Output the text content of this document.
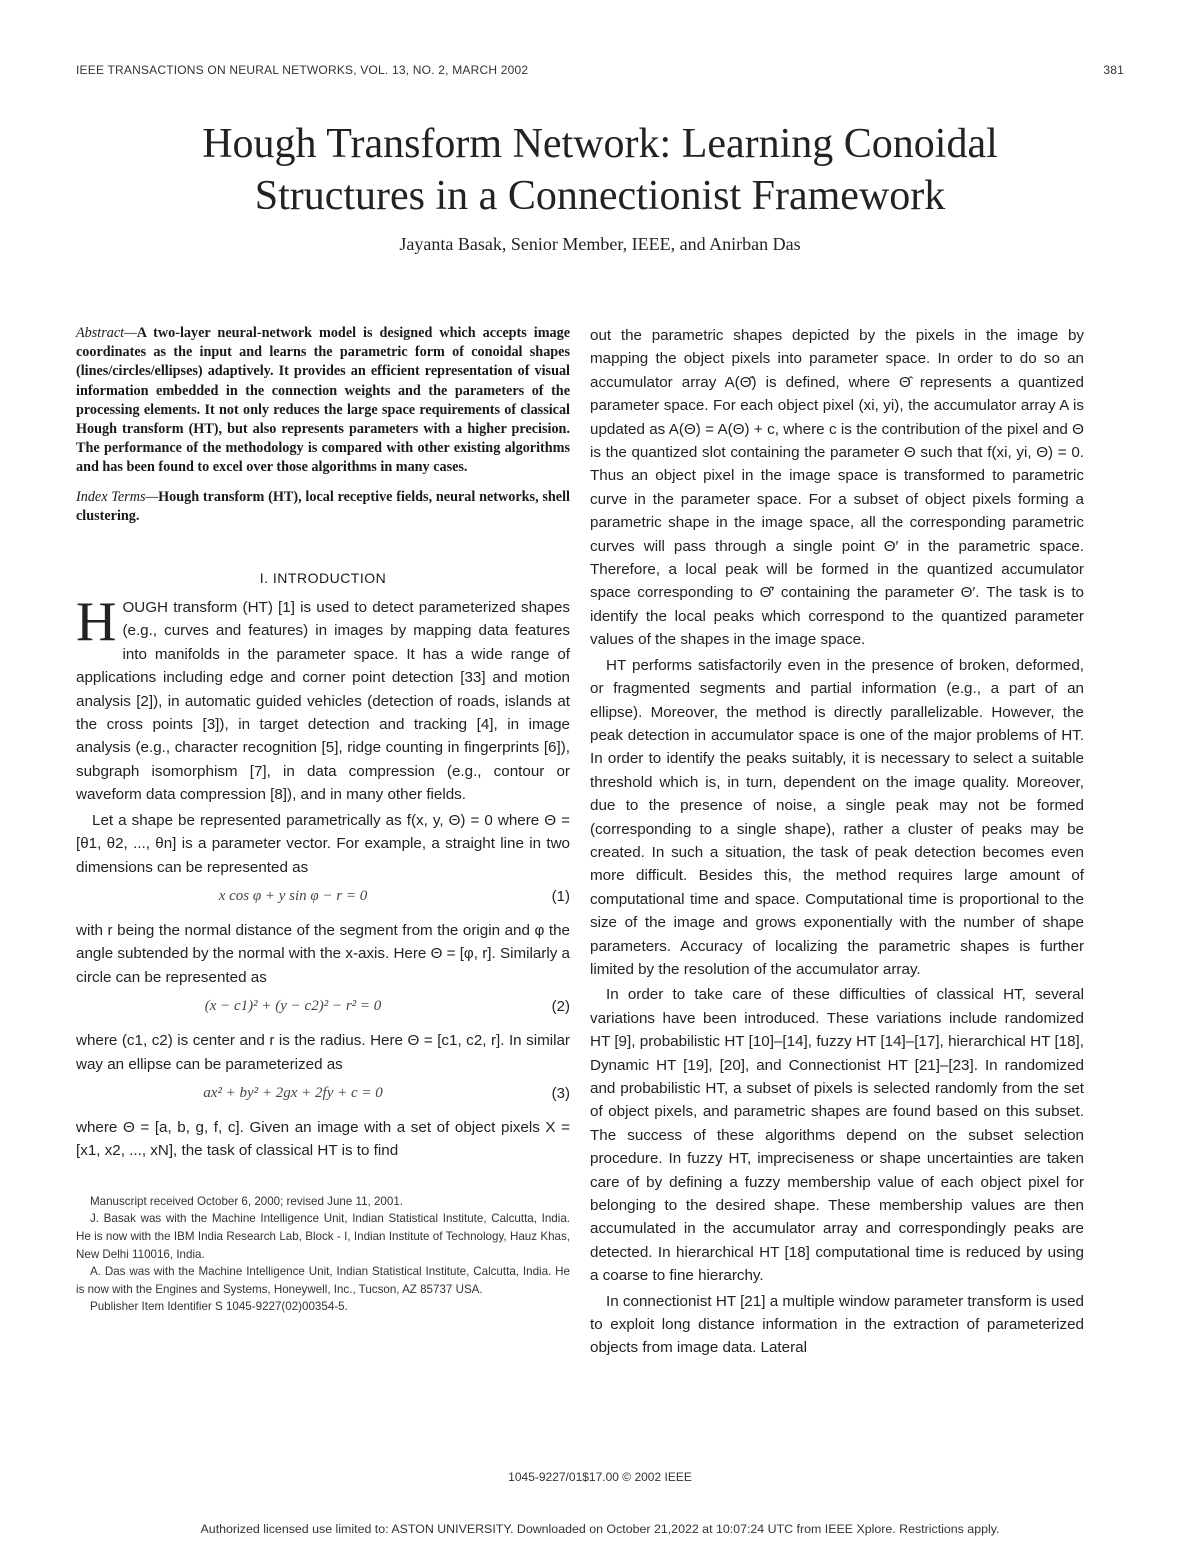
IEEE TRANSACTIONS ON NEURAL NETWORKS, VOL. 13, NO. 2, MARCH 2002	381
Hough Transform Network: Learning Conoidal
Structures in a Connectionist Framework
Jayanta Basak, Senior Member, IEEE, and Anirban Das

Abstract—A two-layer neural-network model is designed which accepts image coordinates as the input and learns the parametric form of conoidal shapes (lines/circles/ellipses) adaptively. It provides an efficient representation of visual information embedded in the connection weights and the parameters of the processing elements. It not only reduces the large space requirements of classical Hough transform (HT), but also represents parameters with a higher precision. The performance of the methodology is compared with other existing algorithms and has been found to excel over those algorithms in many cases.

Index Terms—Hough transform (HT), local receptive fields, neural networks, shell clustering.

I. INTRODUCTION

HOUGH transform (HT) [1] is used to detect parameterized shapes (e.g., curves and features) in images by mapping data features into manifolds in the parameter space. It has a wide range of applications including edge and corner point detection [33] and motion analysis [2]), in automatic guided vehicles (detection of roads, islands at the cross points [3]), in target detection and tracking [4], in image analysis (e.g., character recognition [5], ridge counting in fingerprints [6]), subgraph isomorphism [7], in data compression (e.g., contour or waveform data compression [8]), and in many other fields.

Let a shape be represented parametrically as f(x, y, Θ) = 0 where Θ = [θ1, θ2, ..., θn] is a parameter vector. For example, a straight line in two dimensions can be represented as

x cos φ + y sin φ − r = 0	(1)

with r being the normal distance of the segment from the origin and φ the angle subtended by the normal with the x-axis. Here Θ = [φ, r]. Similarly a circle can be represented as

(x − c1)² + (y − c2)² − r² = 0	(2)

where (c1, c2) is center and r is the radius. Here Θ = [c1, c2, r]. In similar way an ellipse can be parameterized as

ax² + by² + 2gx + 2fy + c = 0	(3)

where Θ = [a, b, g, f, c]. Given an image with a set of object pixels X = [x1, x2, ..., xN], the task of classical HT is to find

Manuscript received October 6, 2000; revised June 11, 2001.

J. Basak was with the Machine Intelligence Unit, Indian Statistical Institute, Calcutta, India. He is now with the IBM India Research Lab, Block - I, Indian Institute of Technology, Hauz Khas, New Delhi 110016, India.

A. Das was with the Machine Intelligence Unit, Indian Statistical Institute, Calcutta, India. He is now with the Engines and Systems, Honeywell, Inc., Tucson, AZ 85737 USA.

Publisher Item Identifier S 1045-9227(02)00354-5.

out the parametric shapes depicted by the pixels in the image by mapping the object pixels into parameter space. In order to do so an accumulator array A(Θ̂) is defined, where Θ̂ represents a quantized parameter space. For each object pixel (xi, yi), the accumulator array A is updated as A(Θ) = A(Θ) + c, where c is the contribution of the pixel and Θ is the quantized slot containing the parameter Θ such that f(xi, yi, Θ) = 0. Thus an object pixel in the image space is transformed to parametric curve in the parameter space. For a subset of object pixels forming a parametric shape in the image space, all the corresponding parametric curves will pass through a single point Θ′ in the parametric space. Therefore, a local peak will be formed in the quantized accumulator space corresponding to Θ̂′ containing the parameter Θ′. The task is to identify the local peaks which correspond to the quantized parameter values of the shapes in the image space.

HT performs satisfactorily even in the presence of broken, deformed, or fragmented segments and partial information (e.g., a part of an ellipse). Moreover, the method is directly parallelizable. However, the peak detection in accumulator space is one of the major problems of HT. In order to identify the peaks suitably, it is necessary to select a suitable threshold which is, in turn, dependent on the image quality. Moreover, due to the presence of noise, a single peak may not be formed (corresponding to a single shape), rather a cluster of peaks may be created. In such a situation, the task of peak detection becomes even more difficult. Besides this, the method requires large amount of computational time and space. Computational time is proportional to the size of the image and grows exponentially with the number of shape parameters. Accuracy of localizing the parametric shapes is further limited by the resolution of the accumulator array.

In order to take care of these difficulties of classical HT, several variations have been introduced. These variations include randomized HT [9], probabilistic HT [10]–[14], fuzzy HT [14]–[17], hierarchical HT [18], Dynamic HT [19], [20], and Connectionist HT [21]–[23]. In randomized and probabilistic HT, a subset of pixels is selected randomly from the set of object pixels, and parametric shapes are found based on this subset. The success of these algorithms depend on the subset selection procedure. In fuzzy HT, impreciseness or shape uncertainties are taken care of by defining a fuzzy membership value of each object pixel for belonging to the desired shape. These membership values are then accumulated in the accumulator array and correspondingly peaks are detected. In hierarchical HT [18] computational time is reduced by using a coarse to fine hierarchy.

In connectionist HT [21] a multiple window parameter transform is used to exploit long distance information in the extraction of parameterized objects from image data. Lateral

1045-9227/01$17.00 © 2002 IEEE
Authorized licensed use limited to: ASTON UNIVERSITY. Downloaded on October 21,2022 at 10:07:24 UTC from IEEE Xplore. Restrictions apply.
